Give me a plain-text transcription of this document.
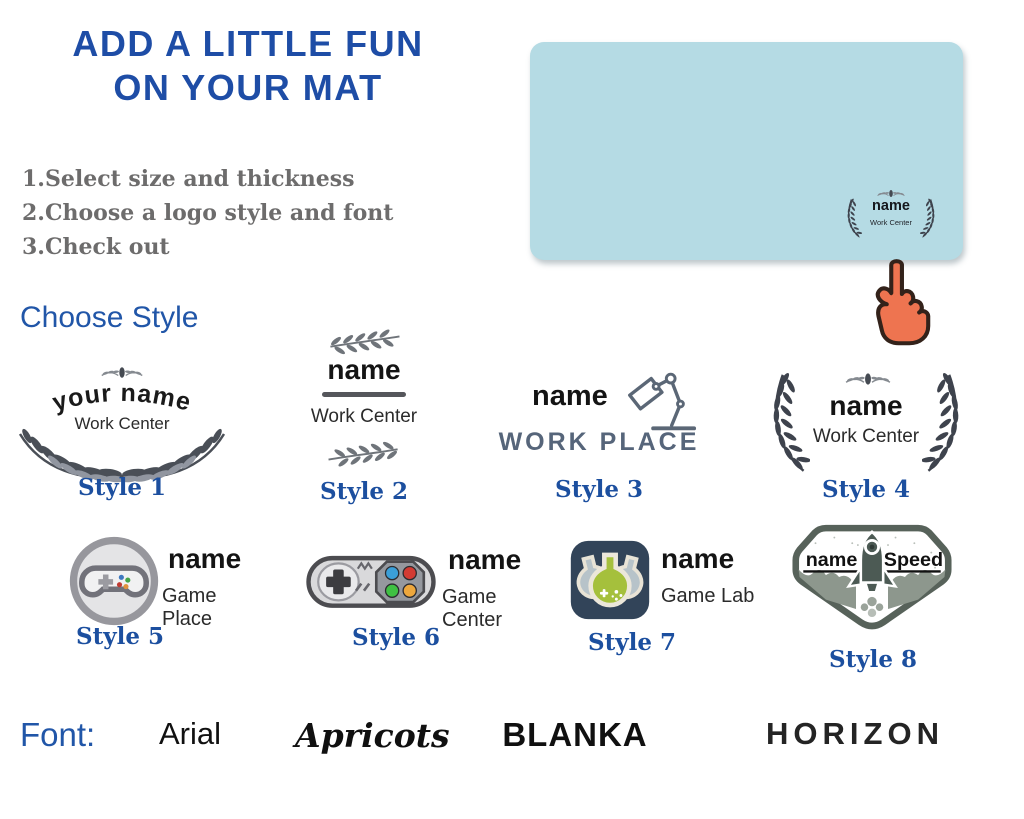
ADD A LITTLE FUN
ON YOUR MAT
1.Select size and thickness
2.Choose a logo style and font
3.Check out
name
Work Center
Choose Style
your name
Work Center
Style 1
name
Work Center
Style 2
name
WORK PLACE
Style 3
name
Work Center
Style 4
name
Game Place
Style 5
name
Game Center
Style 6
name
Game Lab
Style 7
name Speed
Style 8
Font:	Arial	Apricots BLANKA	HORIZON
